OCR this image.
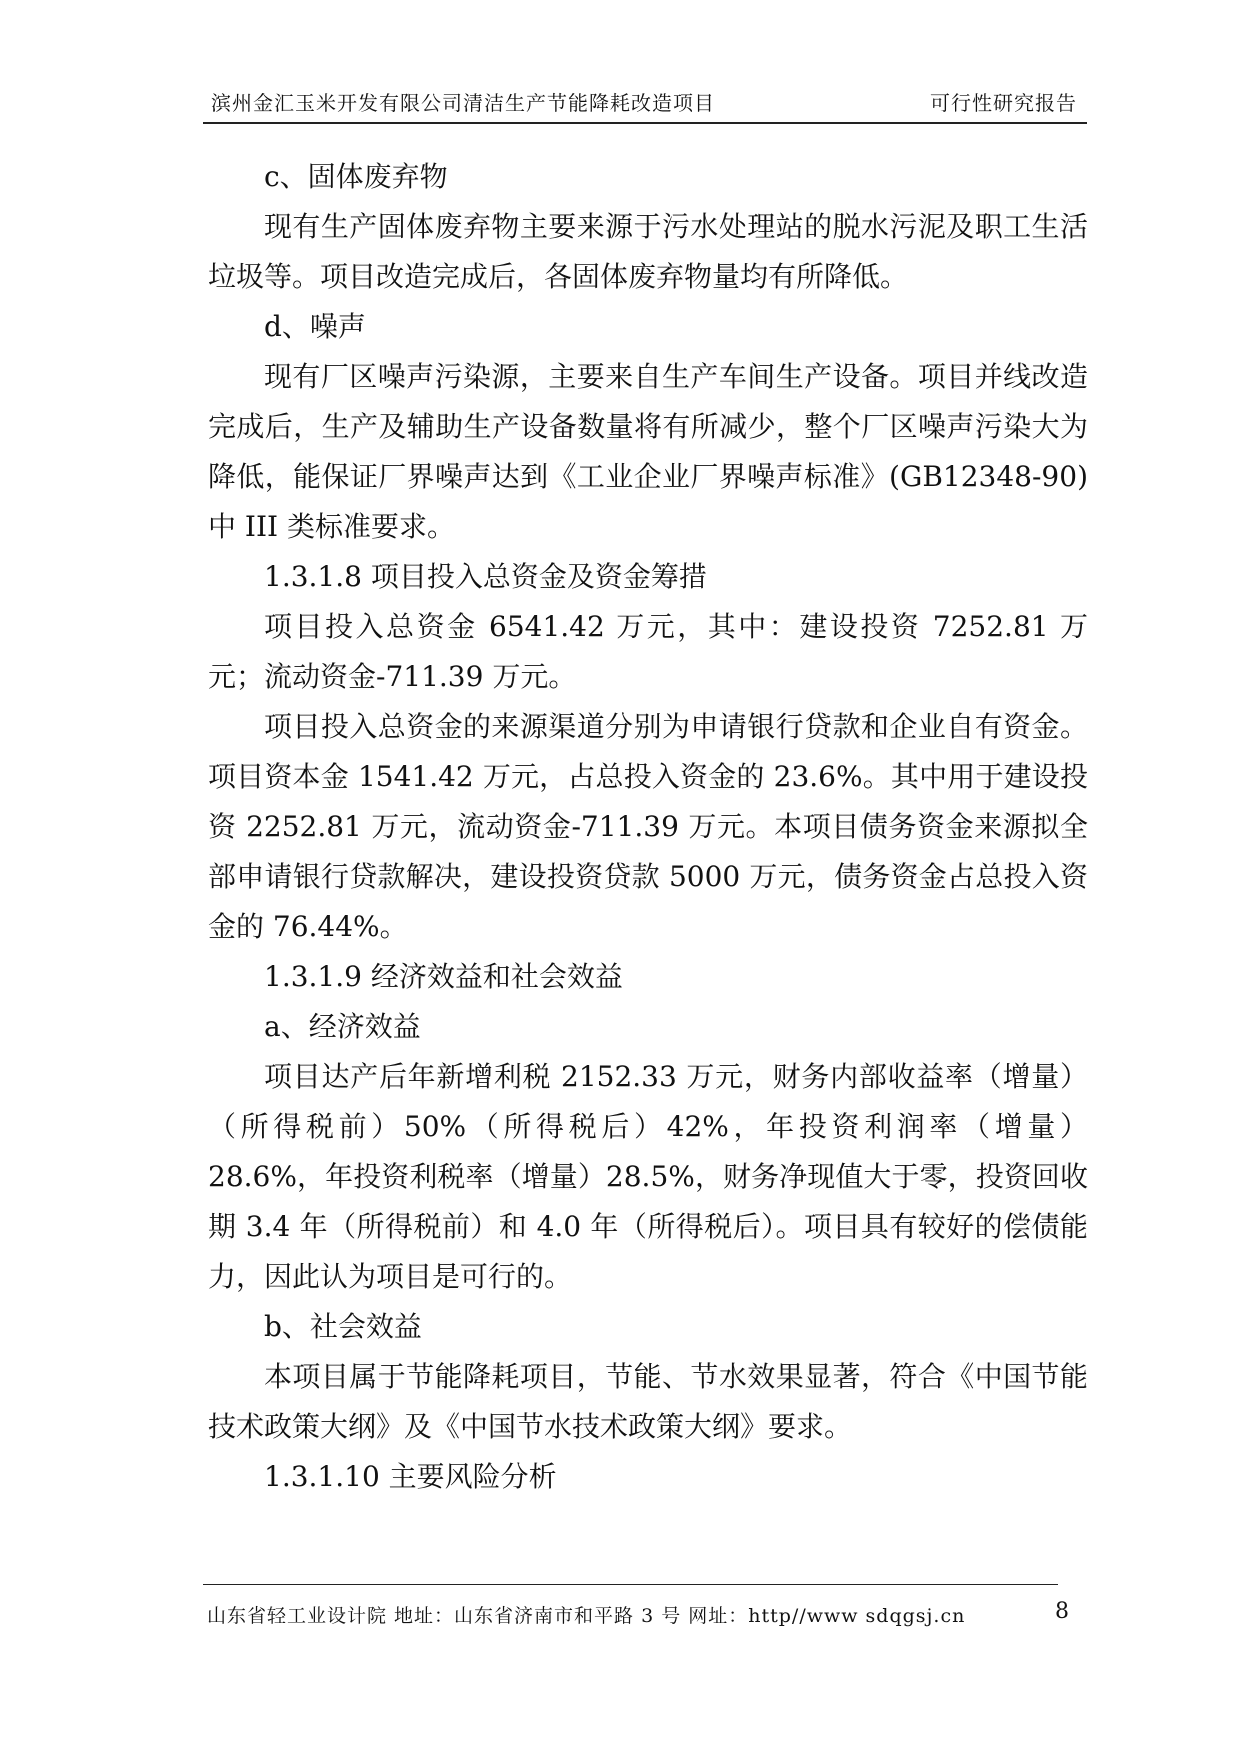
滨州金汇玉米开发有限公司清洁生产节能降耗改造项目	可行性研究报告

c、固体废弃物

现有生产固体废弃物主要来源于污水处理站的脱水污泥及职工生活垃圾等。项目改造完成后，各固体废弃物量均有所降低。

d、噪声

现有厂区噪声污染源，主要来自生产车间生产设备。项目并线改造完成后，生产及辅助生产设备数量将有所减少，整个厂区噪声污染大为降低，能保证厂界噪声达到《工业企业厂界噪声标准》(GB12348-90)中 III 类标准要求。

1.3.1.8 项目投入总资金及资金筹措

项目投入总资金 6541.42 万元，其中：建设投资 7252.81 万元；流动资金-711.39 万元。

项目投入总资金的来源渠道分别为申请银行贷款和企业自有资金。项目资本金 1541.42 万元，占总投入资金的 23.6%。其中用于建设投资 2252.81 万元，流动资金-711.39 万元。本项目债务资金来源拟全部申请银行贷款解决，建设投资贷款 5000 万元，债务资金占总投入资金的 76.44%。

1.3.1.9 经济效益和社会效益

a、经济效益

项目达产后年新增利税 2152.33 万元，财务内部收益率（增量）（所得税前）50%（所得税后）42%，年投资利润率（增量）28.6%，年投资利税率（增量）28.5%，财务净现值大于零，投资回收期 3.4 年（所得税前）和 4.0 年（所得税后）。项目具有较好的偿债能力，因此认为项目是可行的。

b、社会效益

本项目属于节能降耗项目，节能、节水效果显著，符合《中国节能技术政策大纲》及《中国节水技术政策大纲》要求。

1.3.1.10 主要风险分析

山东省轻工业设计院 地址：山东省济南市和平路 3 号 网址：http//www sdqgsj.cn	8
